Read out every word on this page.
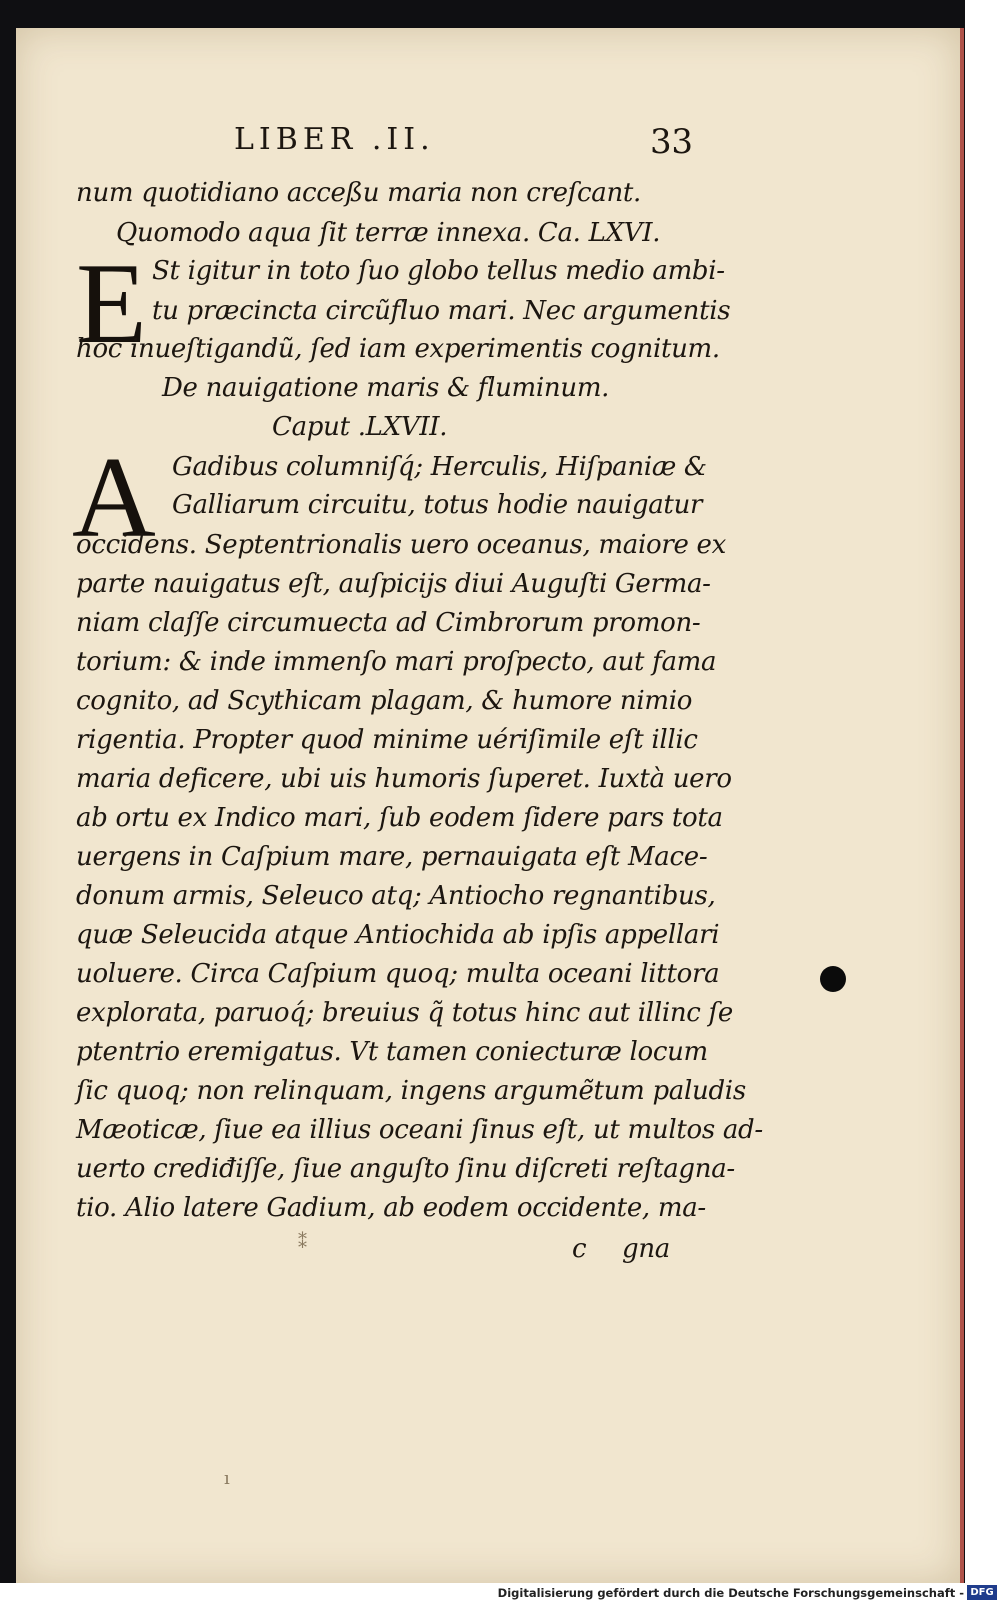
LIBER .II.	33
num quotidiano acceßu maria non creſcant.
Quomodo aqua ſit terræ innexa. Ca. LXVI.
E St igitur in toto ſuo globo tellus medio ambi-
tu præcincta circũfluo mari. Nec argumentis
hoc inueſtigandũ, ſed iam experimentis cognitum.
De nauigatione maris & fluminum.
Caput .LXVII.
A Gadibus columniſq́; Herculis, Hiſpaniæ &
Galliarum circuitu, totus hodie nauigatur
occidens. Septentrionalis uero oceanus, maiore ex
parte nauigatus eſt, auſpicijs diui Auguſti Germa-
niam claſſe circumuecta ad Cimbrorum promon-
torium: & inde immenſo mari proſpecto, aut fama
cognito, ad Scythicam plagam, & humore nimio
rigentia. Propter quod minime uériſimile eſt illic
maria deficere, ubi uis humoris ſuperet. Iuxtà uero
ab ortu ex Indico mari, ſub eodem ſidere pars tota
uergens in Caſpium mare, pernauigata eſt Mace-
donum armis, Seleuco atq; Antiocho regnantibus,
quæ Seleucida atque Antiochida ab ipſis appellari
uoluere. Circa Caſpium quoq; multa oceani littora
explorata, paruoq́; breuius q̃ totus hinc aut illinc ſe
ptentrio eremigatus. Vt tamen coniecturæ locum
ſic quoq; non relinquam, ingens argumẽtum paludis
Mæoticæ, ſiue ea illius oceani ſinus eſt, ut multos ad-
uerto crediđiſſe, ſiue anguſto ſinu diſcreti reſtagna-
tio. Alio latere Gadium, ab eodem occidente, ma-
c gna
⁑
ı
Digitalisierung gefördert durch die Deutsche Forschungsgemeinschaft - DFG
